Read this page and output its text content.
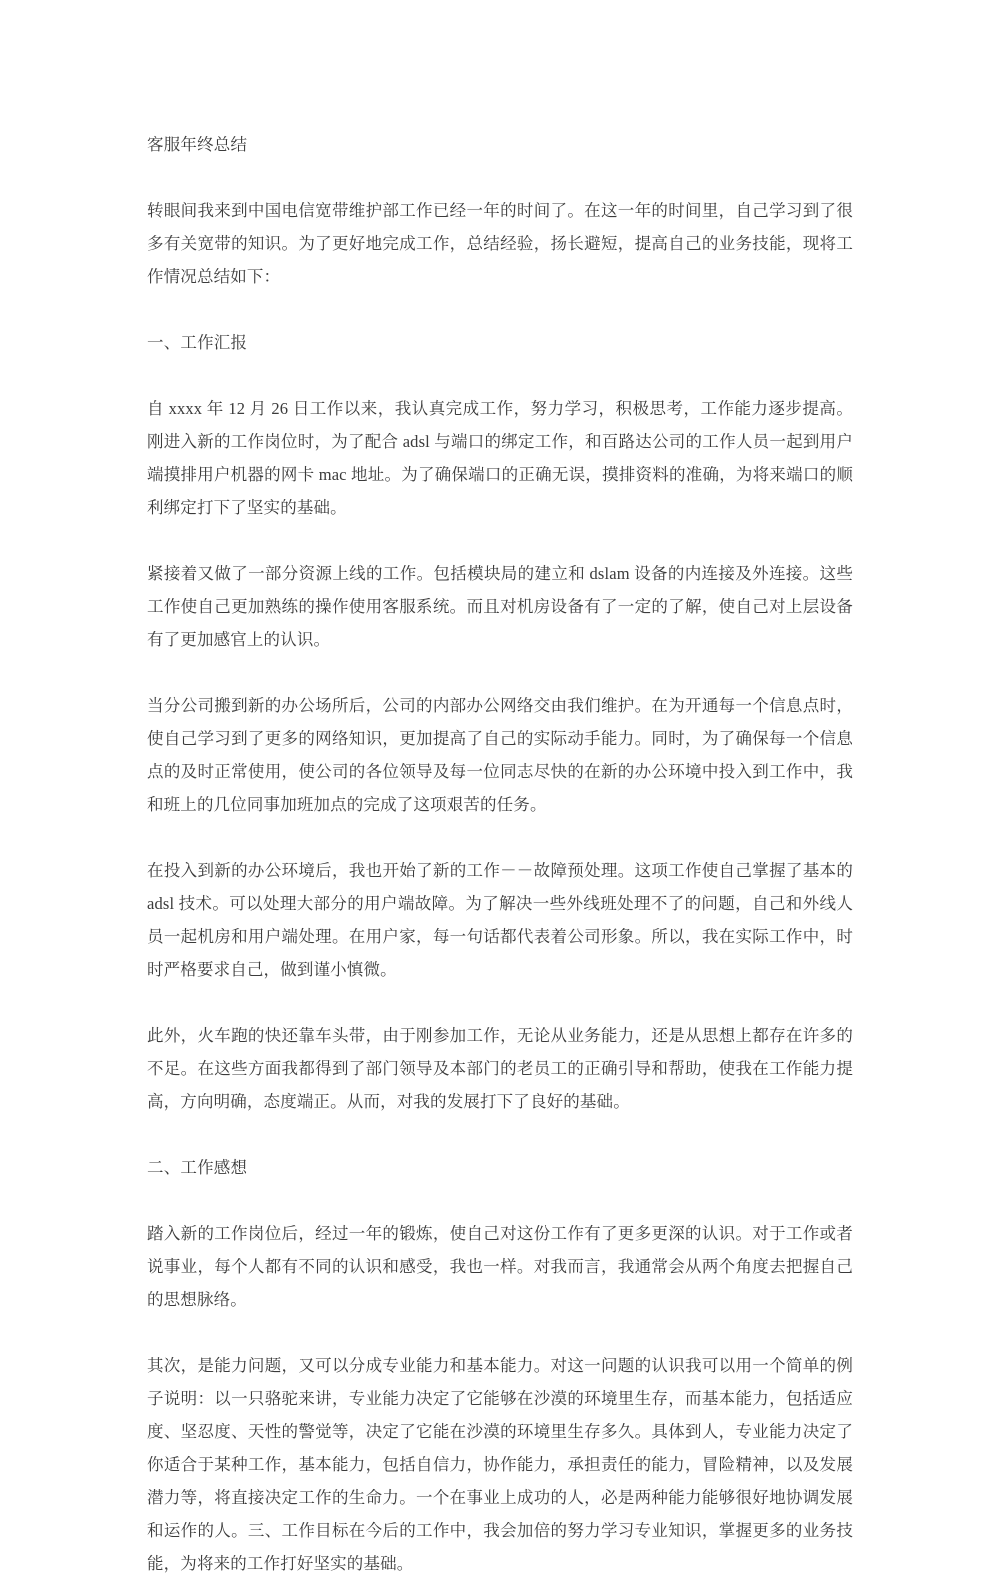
客服年终总结

转眼间我来到中国电信宽带维护部工作已经一年的时间了。在这一年的时间里，自己学习到了很多有关宽带的知识。为了更好地完成工作，总结经验，扬长避短，提高自己的业务技能，现将工作情况总结如下：

一、工作汇报

自 xxxx 年 12 月 26 日工作以来，我认真完成工作，努力学习，积极思考，工作能力逐步提高。刚进入新的工作岗位时，为了配合 adsl 与端口的绑定工作，和百路达公司的工作人员一起到用户端摸排用户机器的网卡 mac 地址。为了确保端口的正确无误，摸排资料的准确，为将来端口的顺利绑定打下了坚实的基础。

紧接着又做了一部分资源上线的工作。包括模块局的建立和 dslam 设备的内连接及外连接。这些工作使自己更加熟练的操作使用客服系统。而且对机房设备有了一定的了解，使自己对上层设备有了更加感官上的认识。

当分公司搬到新的办公场所后，公司的内部办公网络交由我们维护。在为开通每一个信息点时，使自己学习到了更多的网络知识，更加提高了自己的实际动手能力。同时，为了确保每一个信息点的及时正常使用，使公司的各位领导及每一位同志尽快的在新的办公环境中投入到工作中，我和班上的几位同事加班加点的完成了这项艰苦的任务。

在投入到新的办公环境后，我也开始了新的工作－－故障预处理。这项工作使自己掌握了基本的 adsl 技术。可以处理大部分的用户端故障。为了解决一些外线班处理不了的问题，自己和外线人员一起机房和用户端处理。在用户家，每一句话都代表着公司形象。所以，我在实际工作中，时时严格要求自己，做到谨小慎微。

此外，火车跑的快还靠车头带，由于刚参加工作，无论从业务能力，还是从思想上都存在许多的不足。在这些方面我都得到了部门领导及本部门的老员工的正确引导和帮助，使我在工作能力提高，方向明确，态度端正。从而，对我的发展打下了良好的基础。

二、工作感想

踏入新的工作岗位后，经过一年的锻炼，使自己对这份工作有了更多更深的认识。对于工作或者说事业，每个人都有不同的认识和感受，我也一样。对我而言，我通常会从两个角度去把握自己的思想脉络。

其次，是能力问题，又可以分成专业能力和基本能力。对这一问题的认识我可以用一个简单的例子说明：以一只骆驼来讲，专业能力决定了它能够在沙漠的环境里生存，而基本能力，包括适应度、坚忍度、天性的警觉等，决定了它能在沙漠的环境里生存多久。具体到人，专业能力决定了你适合于某种工作，基本能力，包括自信力，协作能力，承担责任的能力，冒险精神，以及发展潜力等，将直接决定工作的生命力。一个在事业上成功的人，必是两种能力能够很好地协调发展和运作的人。三、工作目标在今后的工作中，我会加倍的努力学习专业知识，掌握更多的业务技能，为将来的工作打好坚实的基础。
